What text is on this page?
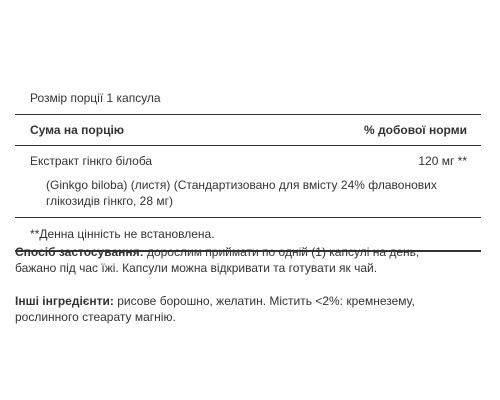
Розмір порції 1 капсула
Сума на порцію	% добової норми
Екстракт гінкго білоба	120 мг **
(Ginkgo biloba) (листя) (Стандартизовано для вмісту 24% флавонових глікозидів гінкго, 28 мг)
**Денна цінність не встановлена.
Спосіб застосування: дорослим приймати по одній (1) капсулі на день, бажано під час їжі. Капсули можна відкривати та готувати як чай.
Інші інгредієнти: рисове борошно, желатин. Містить <2%: кремнезему, рослинного стеарату магнію.
